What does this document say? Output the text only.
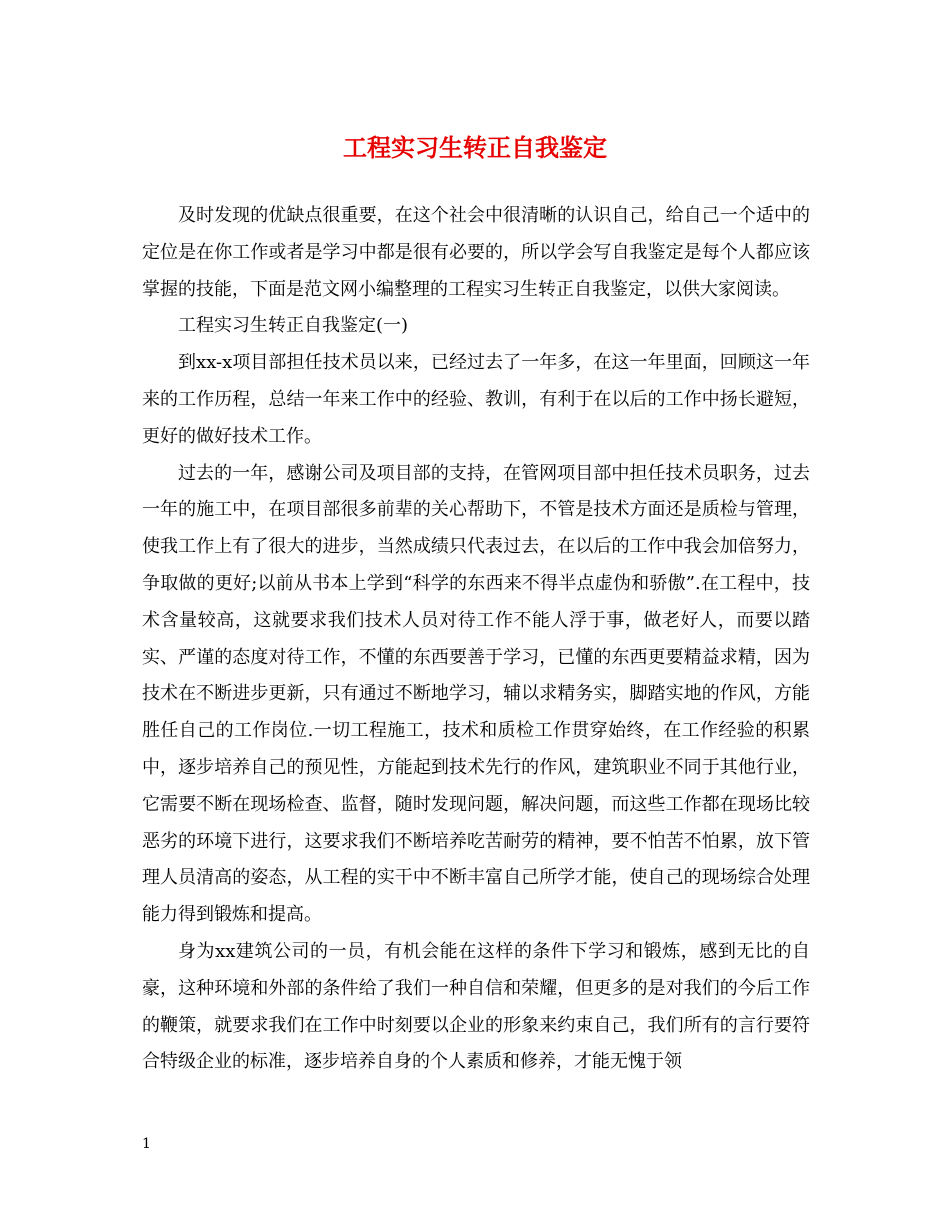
工程实习生转正自我鉴定

及时发现的优缺点很重要，在这个社会中很清晰的认识自己，给自己一个适中的定位是在你工作或者是学习中都是很有必要的，所以学会写自我鉴定是每个人都应该掌握的技能，下面是范文网小编整理的工程实习生转正自我鉴定，以供大家阅读。

工程实习生转正自我鉴定(一)

到xx-x项目部担任技术员以来，已经过去了一年多，在这一年里面，回顾这一年来的工作历程，总结一年来工作中的经验、教训，有利于在以后的工作中扬长避短，更好的做好技术工作。

过去的一年，感谢公司及项目部的支持，在管网项目部中担任技术员职务，过去一年的施工中，在项目部很多前辈的关心帮助下，不管是技术方面还是质检与管理，使我工作上有了很大的进步，当然成绩只代表过去，在以后的工作中我会加倍努力，争取做的更好;以前从书本上学到“科学的东西来不得半点虚伪和骄傲”.在工程中，技术含量较高，这就要求我们技术人员对待工作不能人浮于事，做老好人，而要以踏实、严谨的态度对待工作，不懂的东西要善于学习，已懂的东西更要精益求精，因为技术在不断进步更新，只有通过不断地学习，辅以求精务实，脚踏实地的作风，方能胜任自己的工作岗位.一切工程施工，技术和质检工作贯穿始终，在工作经验的积累中，逐步培养自己的预见性，方能起到技术先行的作风，建筑职业不同于其他行业，它需要不断在现场检查、监督，随时发现问题，解决问题，而这些工作都在现场比较恶劣的环境下进行，这要求我们不断培养吃苦耐劳的精神，要不怕苦不怕累，放下管理人员清高的姿态，从工程的实干中不断丰富自己所学才能，使自己的现场综合处理能力得到锻炼和提高。

身为xx建筑公司的一员，有机会能在这样的条件下学习和锻炼，感到无比的自豪，这种环境和外部的条件给了我们一种自信和荣耀，但更多的是对我们的今后工作的鞭策，就要求我们在工作中时刻要以企业的形象来约束自己，我们所有的言行要符合特级企业的标准，逐步培养自身的个人素质和修养，才能无愧于领

1
